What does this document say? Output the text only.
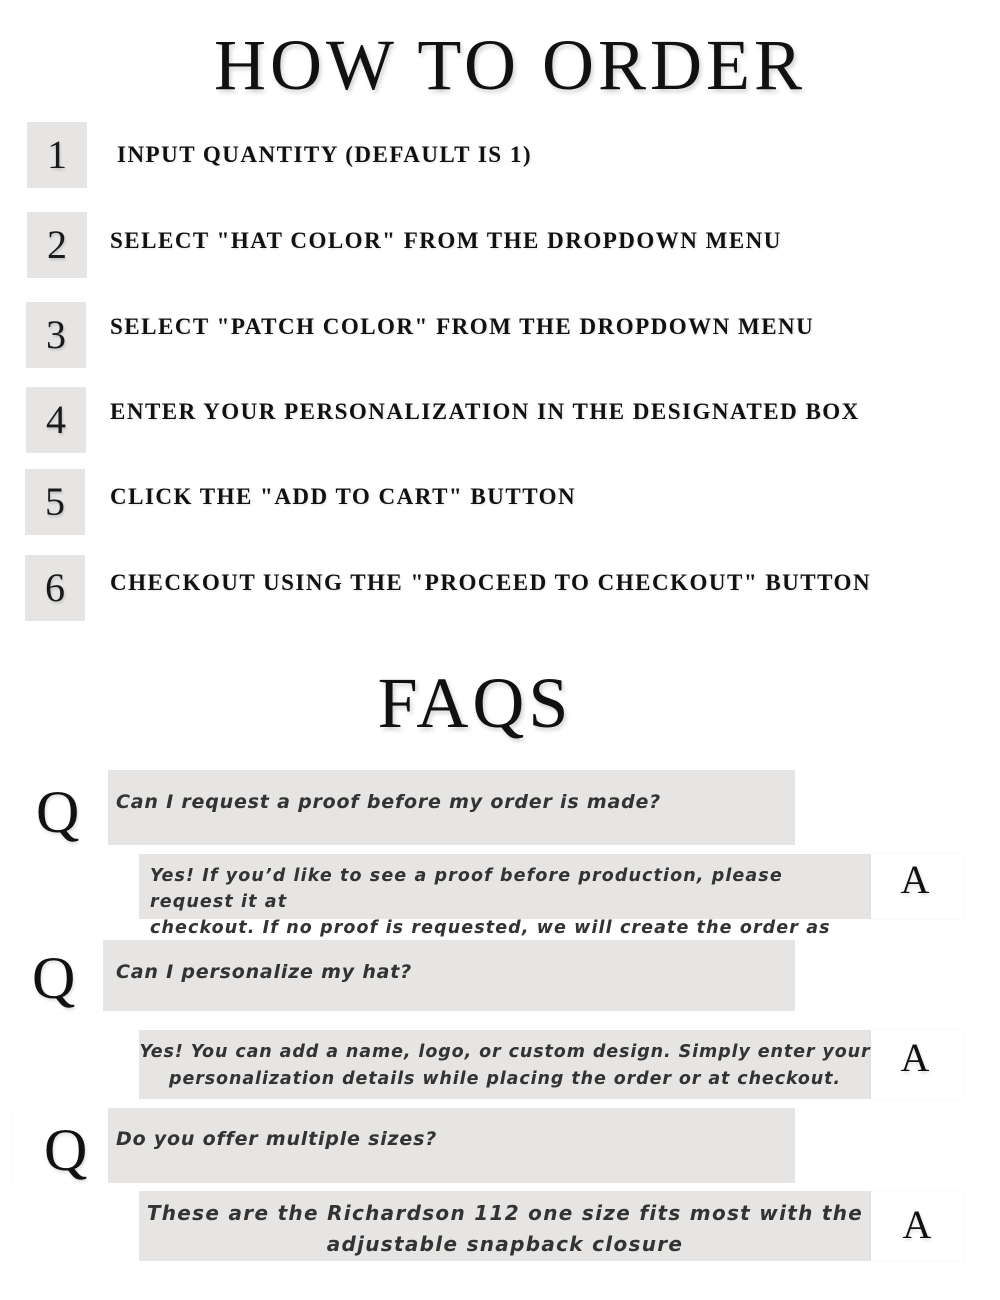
HOW TO ORDER
1	INPUT QUANTITY (DEFAULT IS 1)
2	SELECT "HAT COLOR" FROM THE DROPDOWN MENU
3	SELECT "PATCH COLOR" FROM THE DROPDOWN MENU
4	ENTER YOUR PERSONALIZATION IN THE DESIGNATED BOX
5	CLICK THE "ADD TO CART" BUTTON
6	CHECKOUT USING THE "PROCEED TO CHECKOUT" BUTTON
FAQS
Q Can I request a proof before my order is made?
Yes! If you’d like to see a proof before production, please request it at
checkout. If no proof is requested, we will create the order as
A
Q Can I personalize my hat?
Yes! You can add a name, logo, or custom design. Simply enter your
personalization details while placing the order or at checkout.	A
Q Do you offer multiple sizes?
These are the Richardson 112 one size fits most with the
adjustable snapback closure	A
